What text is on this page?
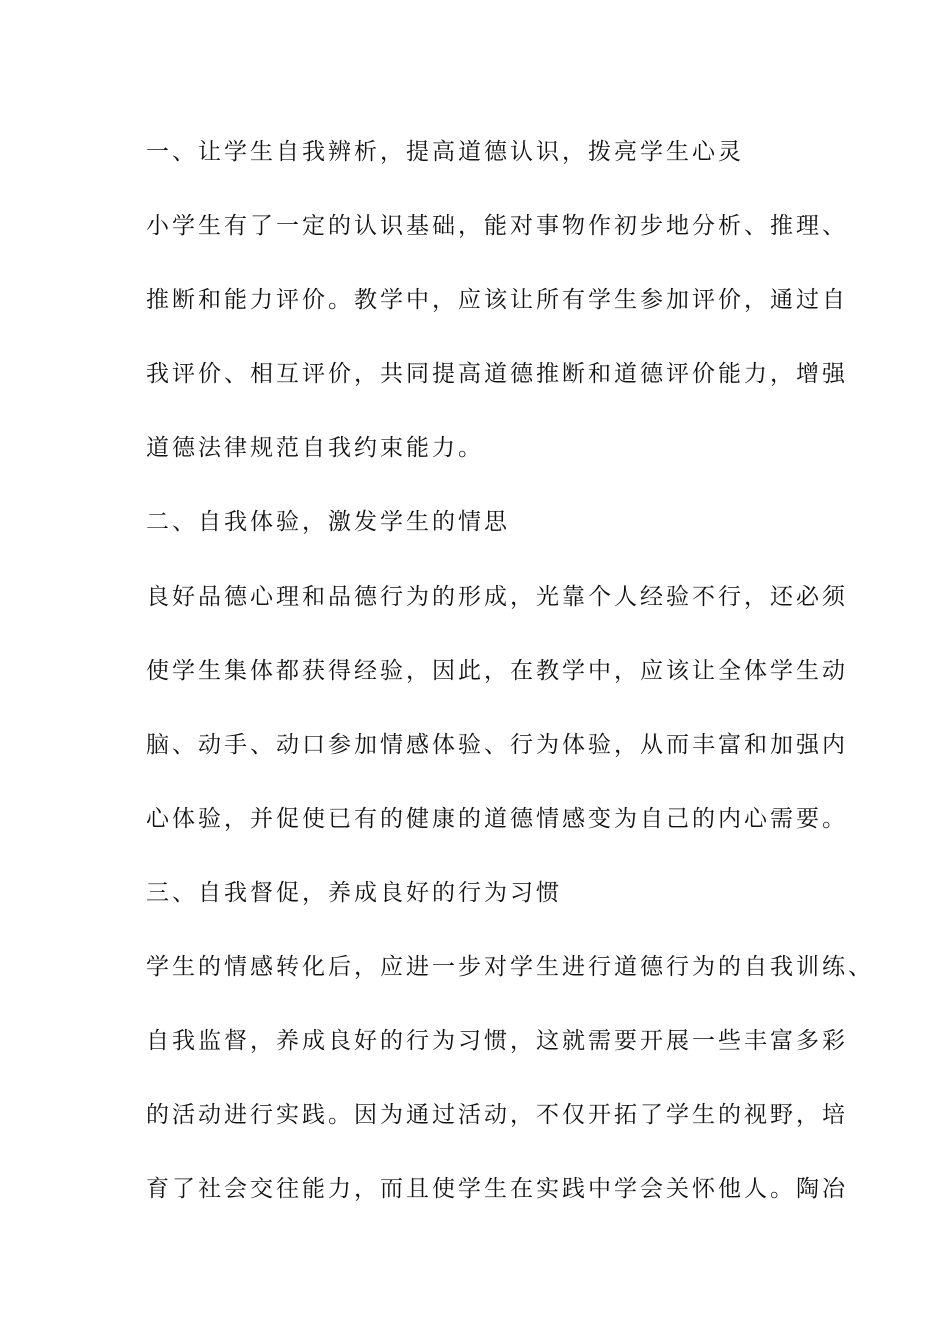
一、让学生自我辨析，提高道德认识，拨亮学生心灵
小学生有了一定的认识基础，能对事物作初步地分析、推理、
推断和能力评价。教学中，应该让所有学生参加评价，通过自
我评价、相互评价，共同提高道德推断和道德评价能力，增强
道德法律规范自我约束能力。
二、自我体验，激发学生的情思
良好品德心理和品德行为的形成，光靠个人经验不行，还必须
使学生集体都获得经验，因此，在教学中，应该让全体学生动
脑、动手、动口参加情感体验、行为体验，从而丰富和加强内
心体验，并促使已有的健康的道德情感变为自己的内心需要。
三、自我督促，养成良好的行为习惯
学生的情感转化后，应进一步对学生进行道德行为的自我训练、
自我监督，养成良好的行为习惯，这就需要开展一些丰富多彩
的活动进行实践。因为通过活动，不仅开拓了学生的视野，培
育了社会交往能力，而且使学生在实践中学会关怀他人。陶冶
